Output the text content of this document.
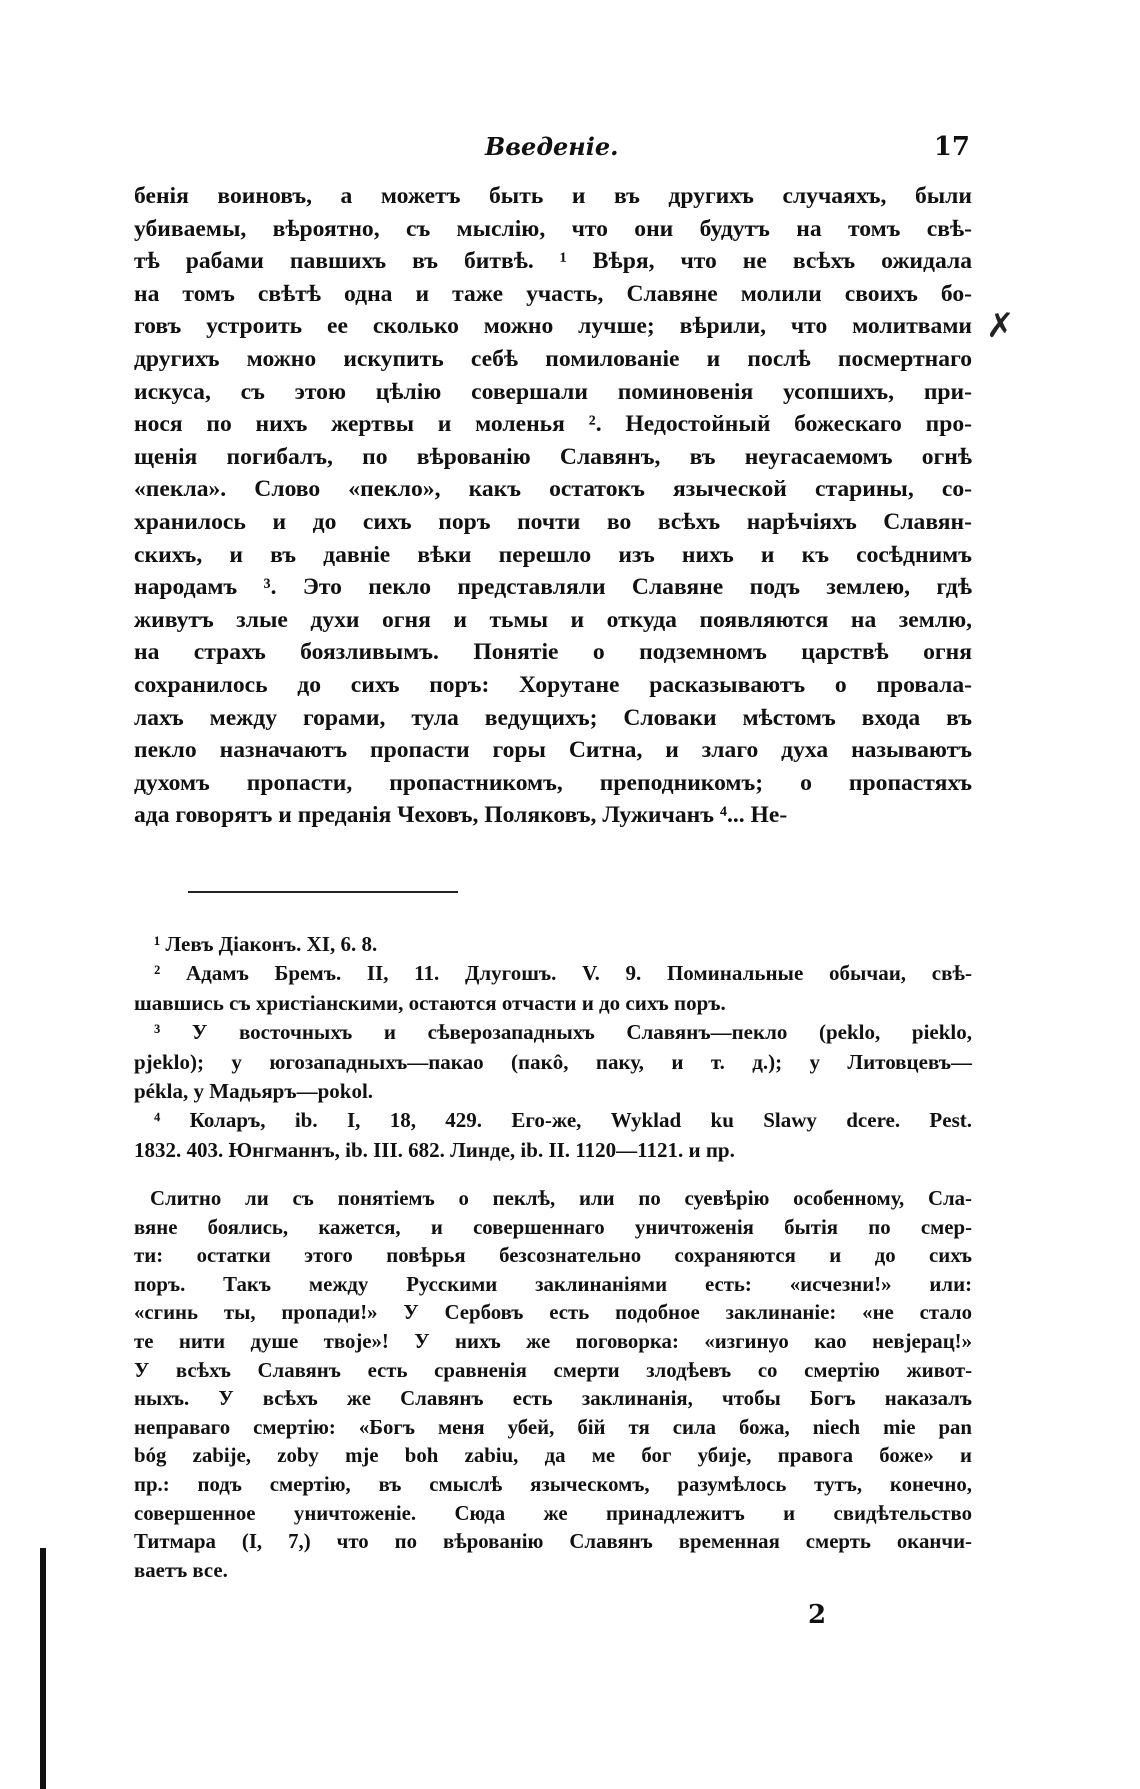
Введеніе.	17
бенія воиновъ, а можетъ быть и въ другихъ случаяхъ, были
убиваемы, вѣроятно, съ мыслію, что они будутъ на томъ свѣ-
тѣ рабами павшихъ въ битвѣ. ¹ Вѣря, что не всѣхъ ожидала
на томъ свѣтѣ одна и таже участь, Славяне молили своихъ бо-
говъ устроить ее сколько можно лучше; вѣрили, что молитвами
другихъ можно искупить себѣ помилованіе и послѣ посмертнаго
искуса, съ этою цѣлію совершали поминовенія усопшихъ, при-
нося по нихъ жертвы и моленья ². Недостойный божескаго про-
щенія погибалъ, по вѣрованію Славянъ, въ неугасаемомъ огнѣ
«пекла». Слово «пекло», какъ остатокъ языческой старины, со-
хранилось и до сихъ поръ почти во всѣхъ нарѣчіяхъ Славян-
скихъ, и въ давніе вѣки перешло изъ нихъ и къ сосѣднимъ
народамъ ³. Это пекло представляли Славяне подъ землею, гдѣ
живутъ злые духи огня и тьмы и откуда появляются на землю,
на страхъ боязливымъ. Понятіе о подземномъ царствѣ огня
сохранилось до сихъ поръ: Хорутане расказываютъ о провала-
лахъ между горами, тула ведущихъ; Словаки мѣстомъ входа въ
пекло назначаютъ пропасти горы Ситна, и злаго духа называютъ
духомъ пропасти, пропастникомъ, преподникомъ; о пропастяхъ
ада говорятъ и преданія Чеховъ, Поляковъ, Лужичанъ ⁴... Не-
✗
¹ Левъ Діаконъ. XI, 6. 8.
² Адамъ Бремъ. II, 11. Длугошъ. V. 9. Поминальные обычаи, свѣ-
шавшись съ христіанскими, остаются отчасти и до сихъ поръ.
³ У восточныхъ и сѣверозападныхъ Славянъ—пекло (peklo, pieklo,
pjeklo); у югозападныхъ—пакао (пакô, паку, и т. д.); у Литовцевъ—
pékla, у Мадьяръ—pokol.
⁴ Коларъ, ib. I, 18, 429. Его-же, Wyklad ku Slawy dcere. Pest.
1832. 403. Юнгманнъ, ib. III. 682. Линде, ib. II. 1120—1121. и пр.
Слитно ли съ понятіемъ о пеклѣ, или по суевѣрію особенному, Сла-
вяне боялись, кажется, и совершеннаго уничтоженія бытія по смер-
ти: остатки этого повѣрья безсознательно сохраняются и до сихъ
поръ. Такъ между Русскими заклинаніями есть: «исчезни!» или:
«сгинь ты, пропади!» У Сербовъ есть подобное заклинаніе: «не стало
те нити душе твоје»! У нихъ же поговорка: «изгинуо као невјерац!»
У всѣхъ Славянъ есть сравненія смерти злодѣевъ со смертію живот-
ныхъ. У всѣхъ же Славянъ есть заклинанія, чтобы Богъ наказалъ
неправаго смертію: «Богъ меня убей, бій тя сила божа, niech mie pan
bóg zabije, zoby mje boh zabiu, да ме бог убије, правога боже» и
пр.: подъ смертію, въ смыслѣ языческомъ, разумѣлось тутъ, конечно,
совершенное уничтоженіе. Сюда же принадлежитъ и свидѣтельство
Титмара (I, 7,) что по вѣрованію Славянъ временная смерть оканчи-
ваетъ все.
2
